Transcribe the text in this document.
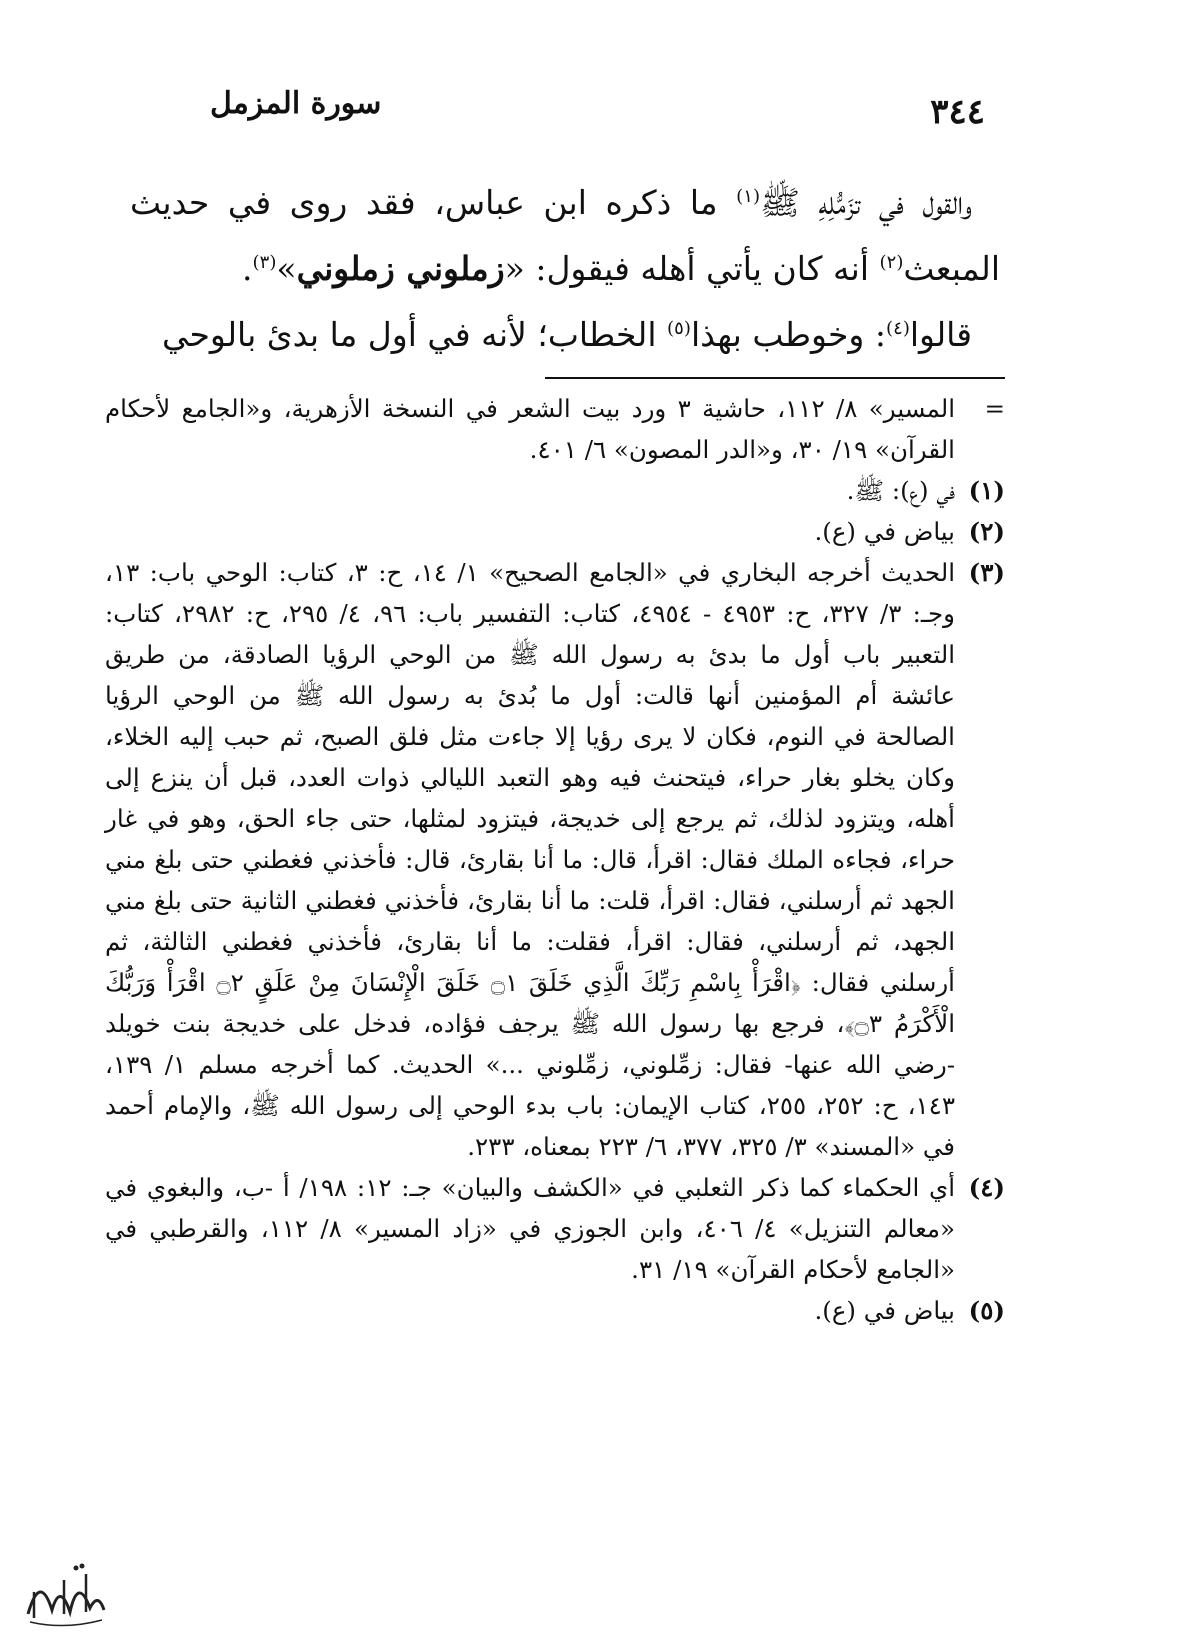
٣٤٤
سورة المزمل

والقول في تزَمُّلِهِ ﷺ$^{(١)}$ ما ذكره ابن عباس، فقد روى في حديث المبعث$^{(٢)}$ أنه كان يأتي أهله فيقول: «زملوني زملوني»$^{(٣)}$.

قالوا$^{(٤)}$: وخوطب بهذا$^{(٥)}$ الخطاب؛ لأنه في أول ما بدئ بالوحي

=
المسير» ٨/ ١١٢، حاشية ٣ ورد بيت الشعر في النسخة الأزهرية، و«الجامع لأحكام القرآن» ١٩/ ٣٠، و«الدر المصون» ٦/ ٤٠١.

(١)
في (ع): ﷺ.

(٢)
بياض في (ع).

(٣)
الحديث أخرجه البخاري في «الجامع الصحيح» ١/ ١٤، ح: ٣، كتاب: الوحي باب: ١٣، وجـ: ٣/ ٣٢٧، ح: ٤٩٥٣ - ٤٩٥٤، كتاب: التفسير باب: ٩٦، ٤/ ٢٩٥، ح: ٢٩٨٢، كتاب: التعبير باب أول ما بدئ به رسول الله ﷺ من الوحي الرؤيا الصادقة، من طريق عائشة أم المؤمنين أنها قالت: أول ما بُدئ به رسول الله ﷺ من الوحي الرؤيا الصالحة في النوم، فكان لا يرى رؤيا إلا جاءت مثل فلق الصبح، ثم حبب إليه الخلاء، وكان يخلو بغار حراء، فيتحنث فيه وهو التعبد الليالي ذوات العدد، قبل أن ينزع إلى أهله، ويتزود لذلك، ثم يرجع إلى خديجة، فيتزود لمثلها، حتى جاء الحق، وهو في غار حراء، فجاءه الملك فقال: اقرأ، قال: ما أنا بقارئ، قال: فأخذني فغطني حتى بلغ مني الجهد ثم أرسلني، فقال: اقرأ، قلت: ما أنا بقارئ، فأخذني فغطني الثانية حتى بلغ مني الجهد، ثم أرسلني، فقال: اقرأ، فقلت: ما أنا بقارئ، فأخذني فغطني الثالثة، ثم أرسلني فقال: ﴿اقْرَأْ بِاسْمِ رَبِّكَ الَّذِي خَلَقَ ۝١ خَلَقَ الْإِنْسَانَ مِنْ عَلَقٍ ۝٢ اقْرَأْ وَرَبُّكَ الْأَكْرَمُ ۝٣﴾، فرجع بها رسول الله ﷺ يرجف فؤاده، فدخل على خديجة بنت خويلد -رضي الله عنها- فقال: زمِّلوني، زمِّلوني ...» الحديث. كما أخرجه مسلم ١/ ١٣٩، ١٤٣، ح: ٢٥٢، ٢٥٥، كتاب الإيمان: باب بدء الوحي إلى رسول الله ﷺ، والإمام أحمد في «المسند» ٣/ ٣٢٥، ٣٧٧، ٦/ ٢٢٣ بمعناه، ٢٣٣.

(٤)
أي الحكماء كما ذكر الثعلبي في «الكشف والبيان» جـ: ١٢: ١٩٨/ أ -ب، والبغوي في «معالم التنزيل» ٤/ ٤٠٦، وابن الجوزي في «زاد المسير» ٨/ ١١٢، والقرطبي في «الجامع لأحكام القرآن» ١٩/ ٣١.

(٥)
بياض في (ع).
